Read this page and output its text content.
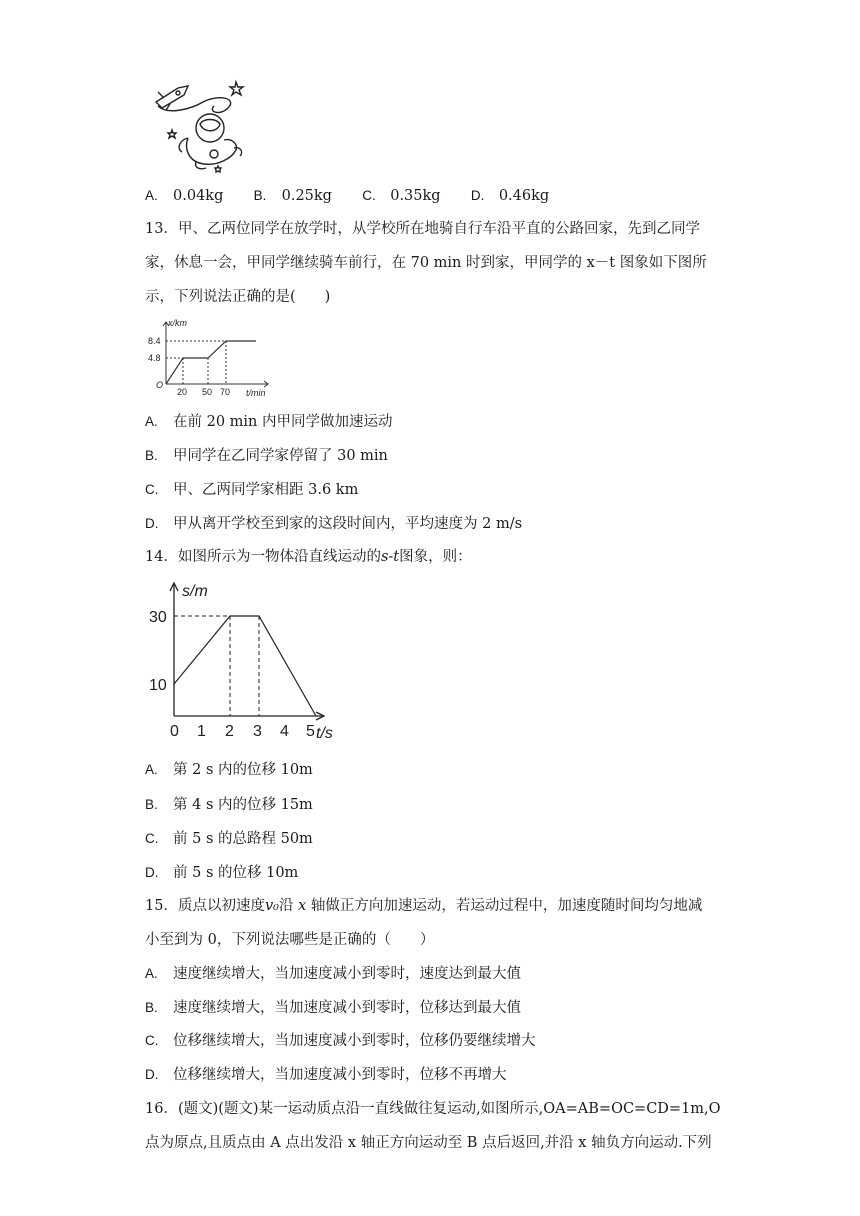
A. 0.04kg B. 0.25kg C. 0.35kg D. 0.46kg
13．甲、乙两位同学在放学时，从学校所在地骑自行车沿平直的公路回家，先到乙同学
家，休息一会，甲同学继续骑车前行，在 70 min 时到家，甲同学的 x－t 图象如下图所
示，下列说法正确的是(　　)
x/km
8.4
4.8
O
20 50 70 t/min
A. 在前 20 min 内甲同学做加速运动
B. 甲同学在乙同学家停留了 30 min
C. 甲、乙两同学家相距 3.6 km
D. 甲从离开学校至到家的这段时间内，平均速度为 2 m/s
14．如图所示为一物体沿直线运动的s-t图象，则：
s/m
30
10
0 1 2 3 4 5 t/s
A. 第 2 s 内的位移 10m
B. 第 4 s 内的位移 15m
C. 前 5 s 的总路程 50m
D. 前 5 s 的位移 10m
15．质点以初速度v₀沿 x 轴做正方向加速运动，若运动过程中，加速度随时间均匀地减
小至到为 0，下列说法哪些是正确的（　　）
A. 速度继续增大，当加速度减小到零时，速度达到最大值
B. 速度继续增大，当加速度减小到零时，位移达到最大值
C. 位移继续增大，当加速度减小到零时，位移仍要继续增大
D. 位移继续增大，当加速度减小到零时，位移不再增大
16．(题文)(题文)某一运动质点沿一直线做往复运动,如图所示,OA=AB=OC=CD=1m,O
点为原点,且质点由 A 点出发沿 x 轴正方向运动至 B 点后返回,并沿 x 轴负方向运动.下列
